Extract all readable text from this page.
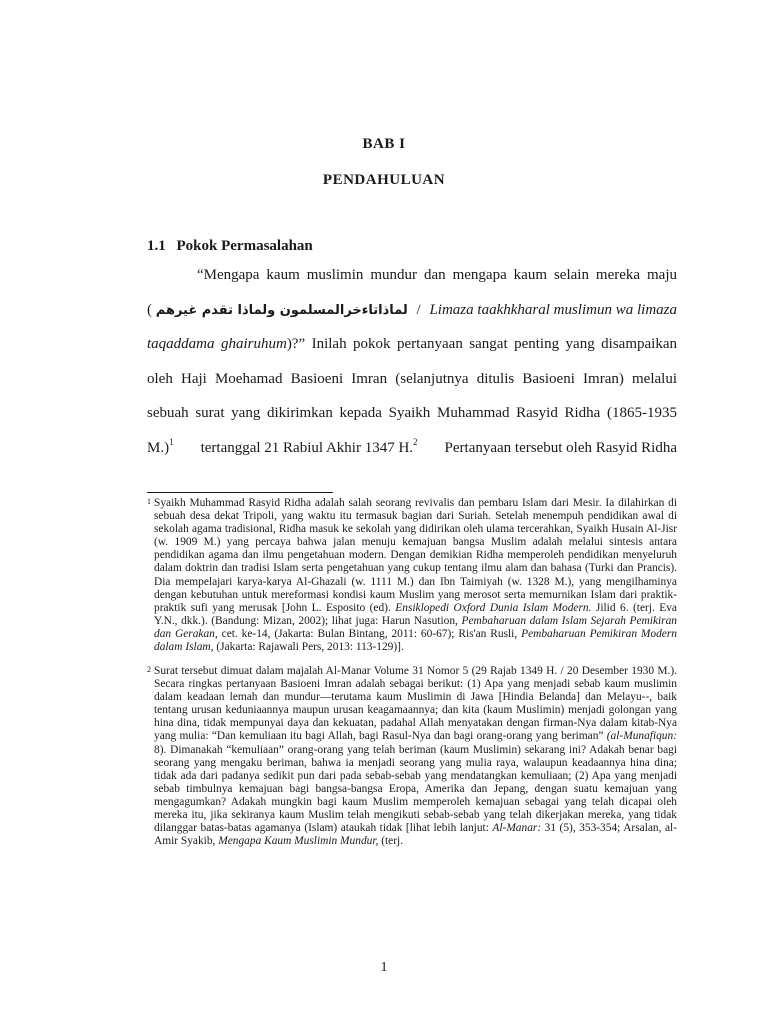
BAB I
PENDAHULUAN

1.1 Pokok Permasalahan

“Mengapa kaum muslimin mundur dan mengapa kaum selain mereka maju
( لماذاتاءخرالمسلمون ولماذا تقدم غيرهم / Limaza taakhkharal muslimun wa limaza
taqaddama ghairuhum)?” Inilah pokok pertanyaan sangat penting yang disampaikan
oleh Haji Moehamad Basioeni Imran (selanjutnya ditulis Basioeni Imran) melalui
sebuah surat yang dikirimkan kepada Syaikh Muhammad Rasyid Ridha (1865-1935
M.)$^1$ tertanggal 21 Rabiul Akhir 1347 H.$^2$ Pertanyaan tersebut oleh Rasyid Ridha
1 Syaikh Muhammad Rasyid Ridha adalah salah seorang revivalis dan pembaru Islam dari Mesir. Ia dilahirkan di sebuah desa dekat Tripoli, yang waktu itu termasuk bagian dari Suriah. Setelah menempuh pendidikan awal di sekolah agama tradisional, Ridha masuk ke sekolah yang didirikan oleh ulama tercerahkan, Syaikh Husain Al-Jisr (w. 1909 M.) yang percaya bahwa jalan menuju kemajuan bangsa Muslim adalah melalui sintesis antara pendidikan agama dan ilmu pengetahuan modern. Dengan demikian Ridha memperoleh pendidikan menyeluruh dalam doktrin dan tradisi Islam serta pengetahuan yang cukup tentang ilmu alam dan bahasa (Turki dan Prancis). Dia mempelajari karya-karya Al-Ghazali (w. 1111 M.) dan Ibn Taimiyah (w. 1328 M.), yang mengilhaminya dengan kebutuhan untuk mereformasi kondisi kaum Muslim yang merosot serta memurnikan Islam dari praktik-praktik sufi yang merusak [John L. Esposito (ed). Ensiklopedi Oxford Dunia Islam Modern. Jilid 6. (terj. Eva Y.N., dkk.). (Bandung: Mizan, 2002); lihat juga: Harun Nasution, Pembaharuan dalam Islam Sejarah Pemikiran dan Gerakan, cet. ke-14, (Jakarta: Bulan Bintang, 2011: 60-67); Ris'an Rusli, Pembaharuan Pemikiran Modern dalam Islam, (Jakarta: Rajawali Pers, 2013: 113-129)].
2 Surat tersebut dimuat dalam majalah Al-Manar Volume 31 Nomor 5 (29 Rajab 1349 H. / 20 Desember 1930 M.). Secara ringkas pertanyaan Basioeni Imran adalah sebagai berikut: (1) Apa yang menjadi sebab kaum muslimin dalam keadaan lemah dan mundur—terutama kaum Muslimin di Jawa [Hindia Belanda] dan Melayu--, baik tentang urusan keduniaannya maupun urusan keagamaannya; dan kita (kaum Muslimin) menjadi golongan yang hina dina, tidak mempunyai daya dan kekuatan, padahal Allah menyatakan dengan firman-Nya dalam kitab-Nya yang mulia: “Dan kemuliaan itu bagi Allah, bagi Rasul-Nya dan bagi orang-orang yang beriman” (al-Munafiqun: 8). Dimanakah “kemuliaan” orang-orang yang telah beriman (kaum Muslimin) sekarang ini? Adakah benar bagi seorang yang mengaku beriman, bahwa ia menjadi seorang yang mulia raya, walaupun keadaannya hina dina; tidak ada dari padanya sedikit pun dari pada sebab-sebab yang mendatangkan kemuliaan; (2) Apa yang menjadi sebab timbulnya kemajuan bagi bangsa-bangsa Eropa, Amerika dan Jepang, dengan suatu kemajuan yang mengagumkan? Adakah mungkin bagi kaum Muslim memperoleh kemajuan sebagai yang telah dicapai oleh mereka itu, jika sekiranya kaum Muslim telah mengikuti sebab-sebab yang telah dikerjakan mereka, yang tidak dilanggar batas-batas agamanya (Islam) ataukah tidak [lihat lebih lanjut: Al-Manar: 31 (5), 353-354; Arsalan, al-Amir Syakib, Mengapa Kaum Muslimin Mundur, (terj.

1
